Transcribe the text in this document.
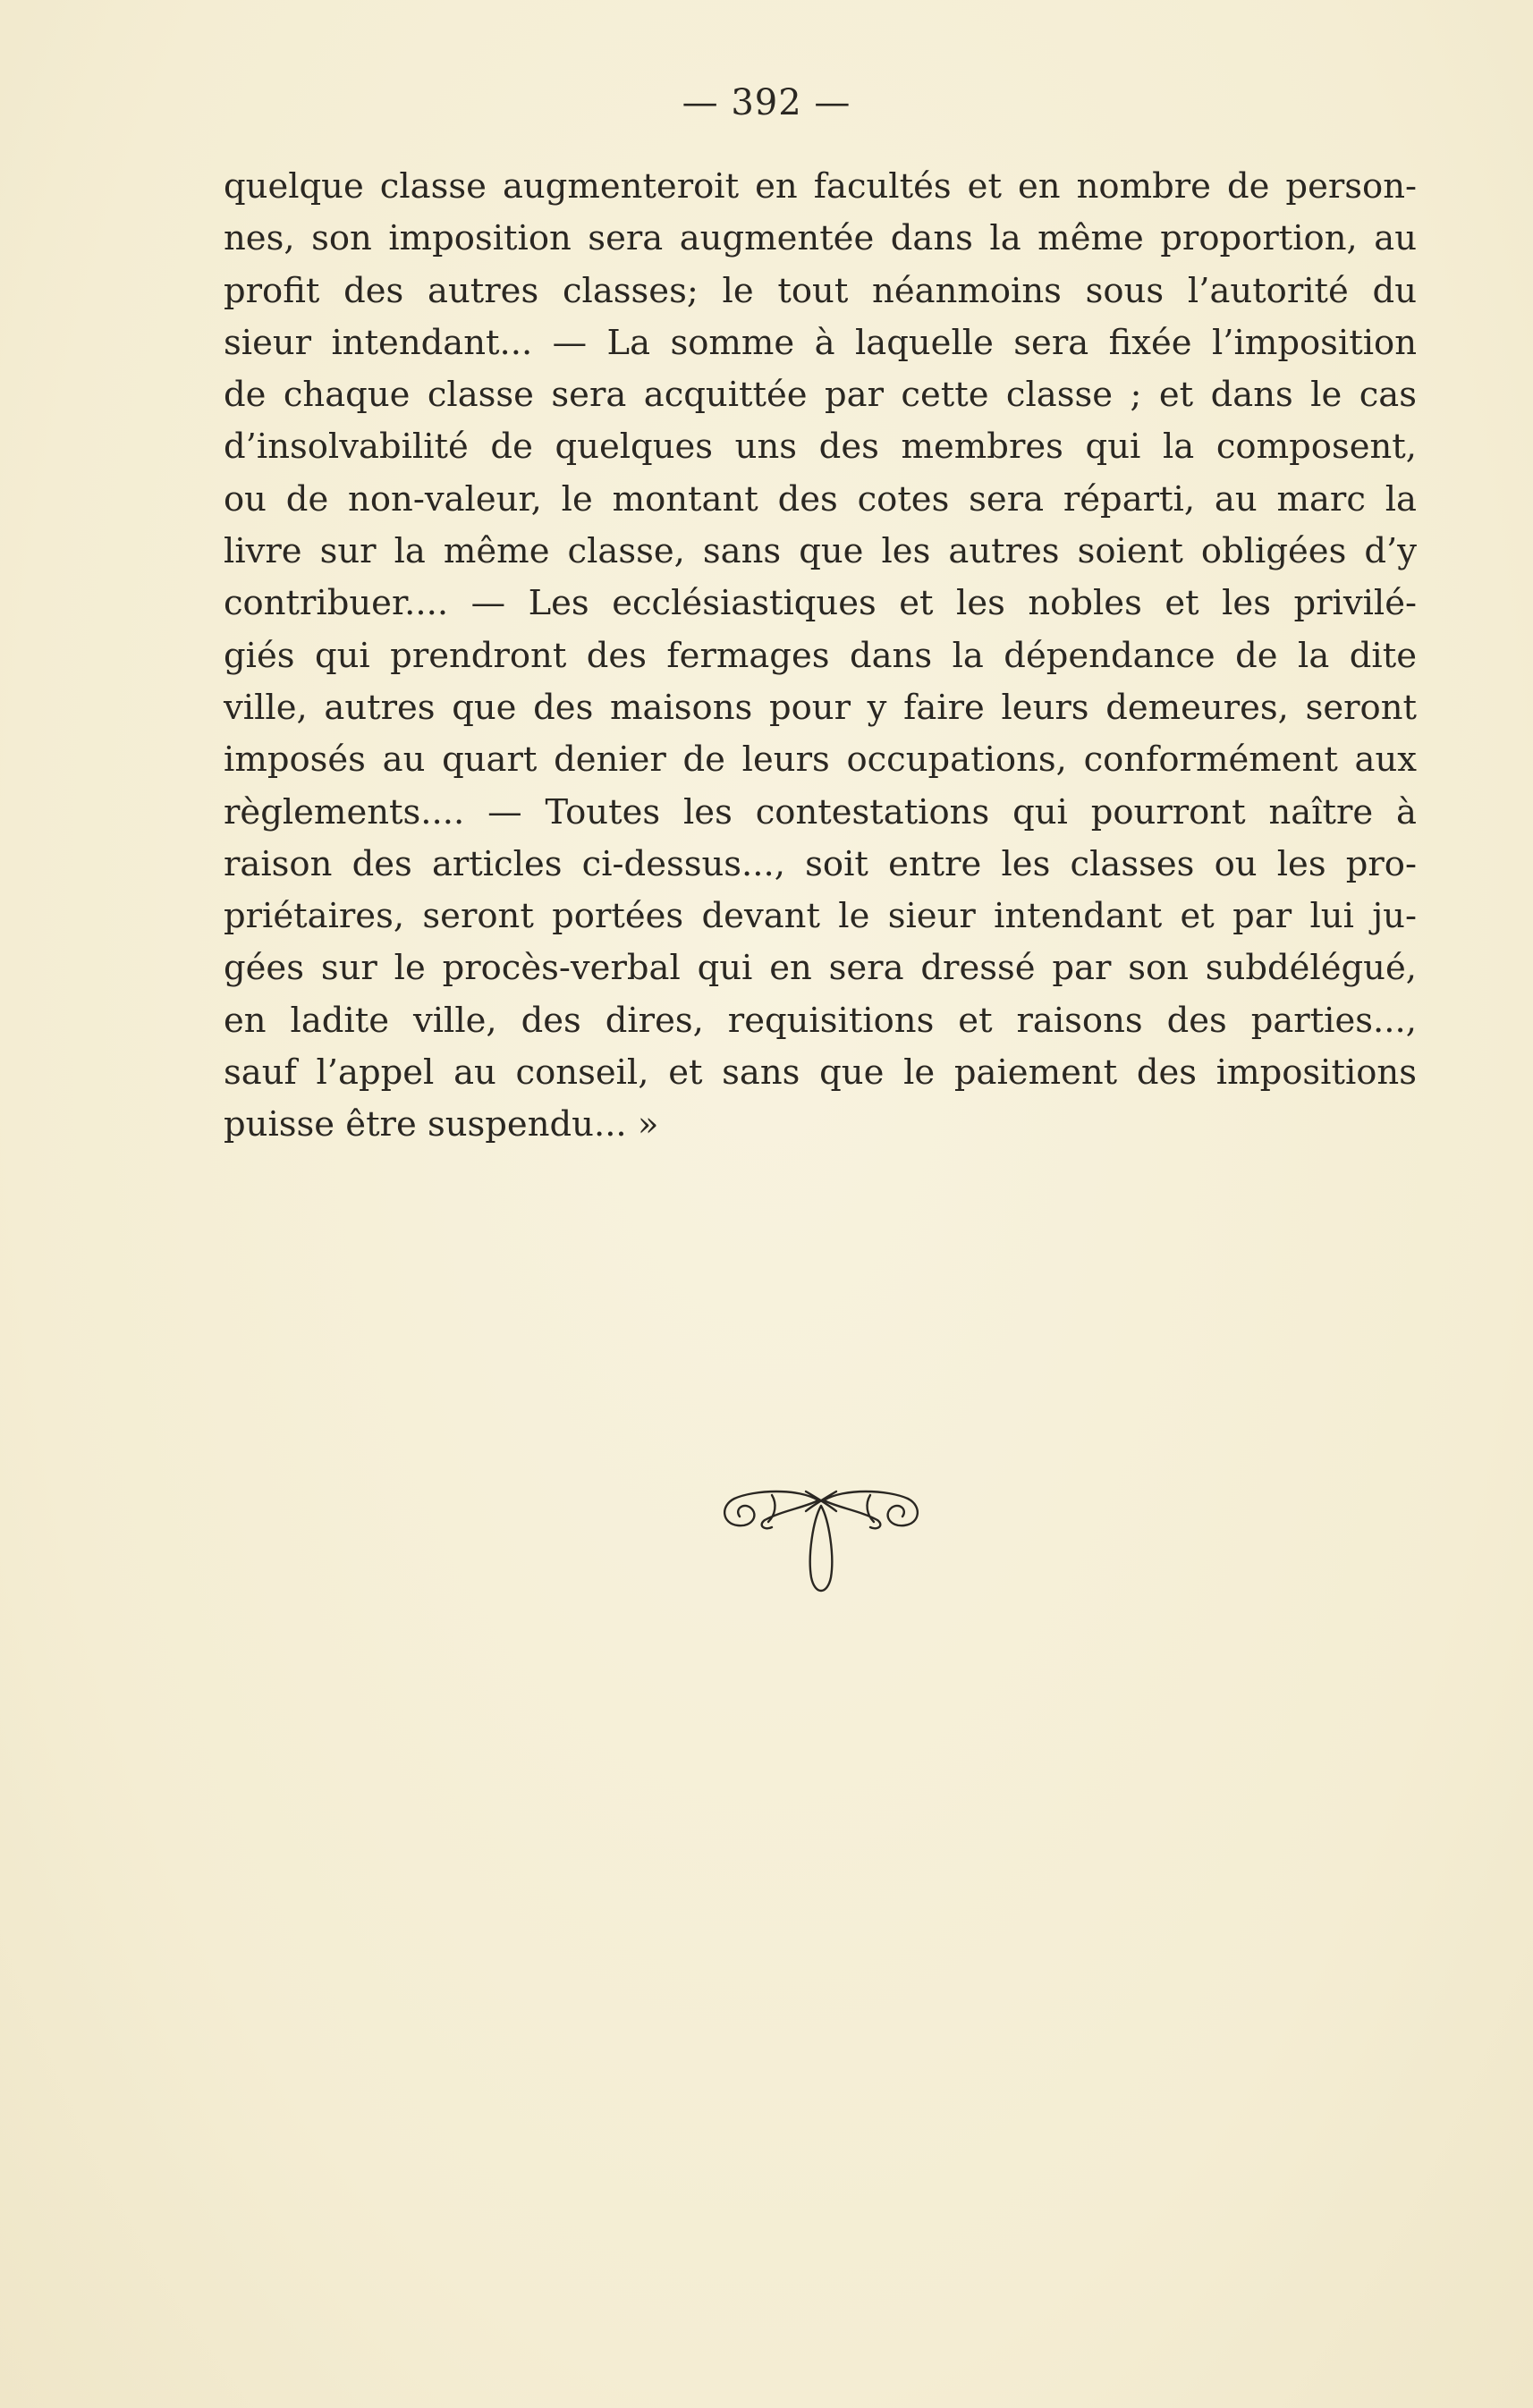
— 392 —
quelque classe augmenteroit en facultés et en nombre de person-
nes, son imposition sera augmentée dans la même proportion, au
profit des autres classes; le tout néanmoins sous l’autorité du
sieur intendant... — La somme à laquelle sera fixée l’imposition
de chaque classe sera acquittée par cette classe ; et dans le cas
d’insolvabilité de quelques uns des membres qui la composent,
ou de non-valeur, le montant des cotes sera réparti, au marc la
livre sur la même classe, sans que les autres soient obligées d’y
contribuer.... — Les ecclésiastiques et les nobles et les privilé-
giés qui prendront des fermages dans la dépendance de la dite
ville, autres que des maisons pour y faire leurs demeures, seront
imposés au quart denier de leurs occupations, conformément aux
règlements.... — Toutes les contestations qui pourront naître à
raison des articles ci-dessus..., soit entre les classes ou les pro-
priétaires, seront portées devant le sieur intendant et par lui ju-
gées sur le procès-verbal qui en sera dressé par son subdélégué,
en ladite ville, des dires, requisitions et raisons des parties...,
sauf l’appel au conseil, et sans que le paiement des impositions
puisse être suspendu... »
